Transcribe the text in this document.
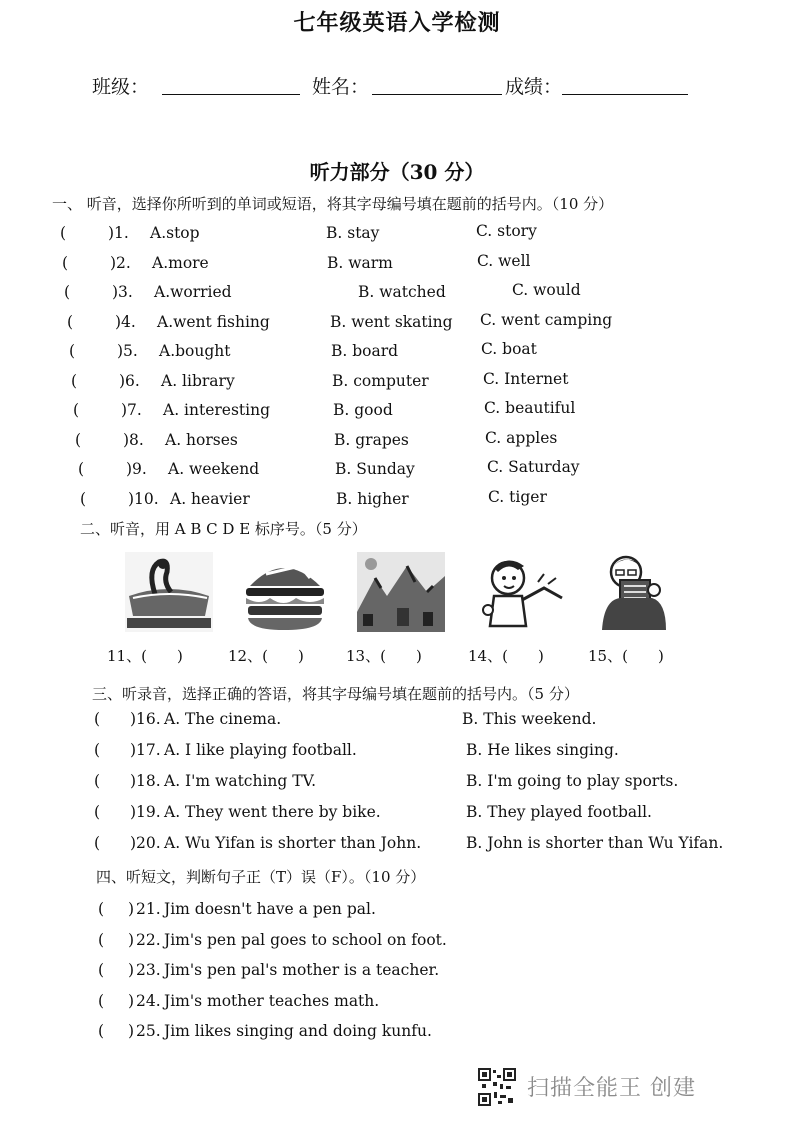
七年级英语入学检测
班级：	姓名：	成绩：
听力部分（30 分）
一、 听音，选择你所听到的单词或短语，将其字母编号填在题前的括号内。（10 分）
(	) 1. A.stop	B. stay	C. story
(	) 2. A.more	B. warm	C. well
(	) 3. A.worried	B. watched	C. would
(	) 4. A.went fishing	B. went skating C. went camping
(	) 5. A.bought	B. board	C. boat
(	) 6. A. library	B. computer	C. Internet
(	) 7. A. interesting	B. good	C. beautiful
(	) 8. A. horses	B. grapes	C. apples
(	) 9. A. weekend	B. Sunday	C. Saturday
(	) 10. A. heavier	B. higher	C. tiger
二、听音，用 A B C D E 标序号。（5 分）
11、(　　)	12、(　　)	13、(　　)	14、(　　)	15、(　　)
三、听录音，选择正确的答语，将其字母编号填在题前的括号内。（5 分）
( ) 16. A. The cinema.	B. This weekend.
( ) 17. A. I like playing football.	B. He likes singing.
( ) 18. A. I'm watching TV.	B. I'm going to play sports.
( ) 19. A. They went there by bike.	B. They played football.
( ) 20. A. Wu Yifan is shorter than John.	B. John is shorter than Wu Yifan.
四、听短文，判断句子正（T）误（F）。（10 分）
( ) 21. Jim doesn't have a pen pal.
( ) 22. Jim's pen pal goes to school on foot.
( ) 23. Jim's pen pal's mother is a teacher.
( ) 24. Jim's mother teaches math.
( ) 25. Jim likes singing and doing kunfu.
扫描全能王 创建
